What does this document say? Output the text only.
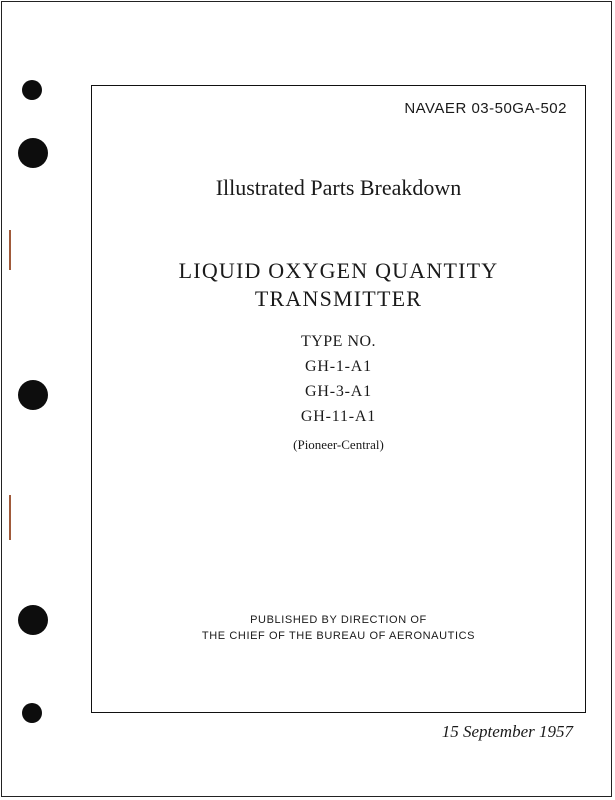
NAVAER 03-50GA-502
Illustrated Parts Breakdown
LIQUID OXYGEN QUANTITY
TRANSMITTER
TYPE NO.
GH-1-A1
GH-3-A1
GH-11-A1
(Pioneer-Central)
PUBLISHED BY DIRECTION OF
THE CHIEF OF THE BUREAU OF AERONAUTICS
15 September 1957
